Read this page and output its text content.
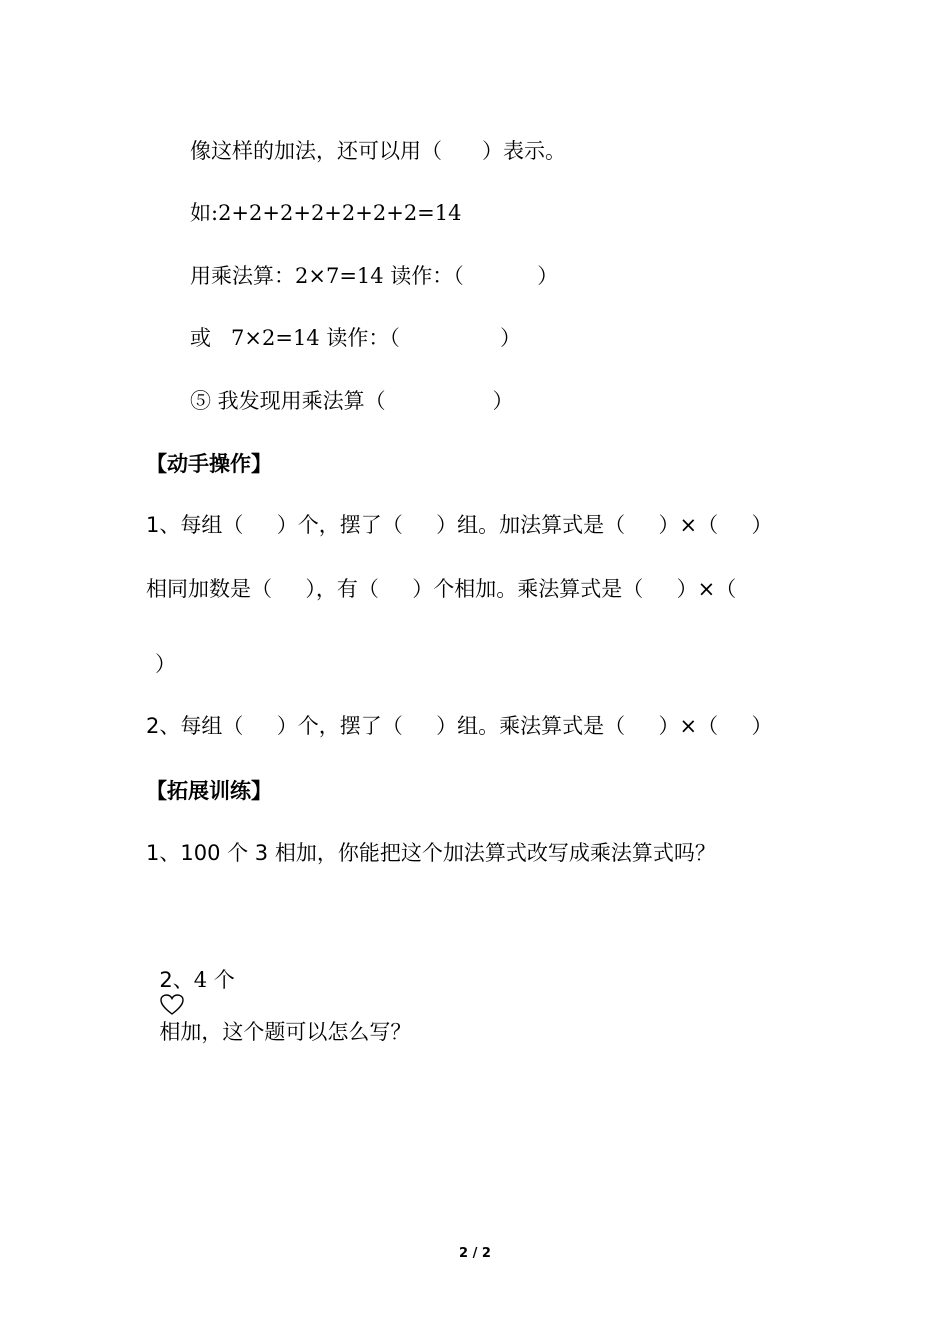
像这样的加法，还可以用（      ）表示。
如:2+2+2+2+2+2+2=14
用乘法算：2×7=14 读作：（           ）
或   7×2=14 读作：（               ）
⑤ 我发现用乘法算（                ）
【动手操作】
1、每组（     ）个，摆了（     ）组。加法算式是（     ）×（     ）
相同加数是（     ），有（     ）个相加。乘法算式是（     ）×（
）
2、每组（     ）个，摆了（     ）组。乘法算式是（     ）×（     ）
【拓展训练】
1、100 个 3 相加，你能把这个加法算式改写成乘法算式吗？

2、4 个

相加，这个题可以怎么写？

2 / 2
